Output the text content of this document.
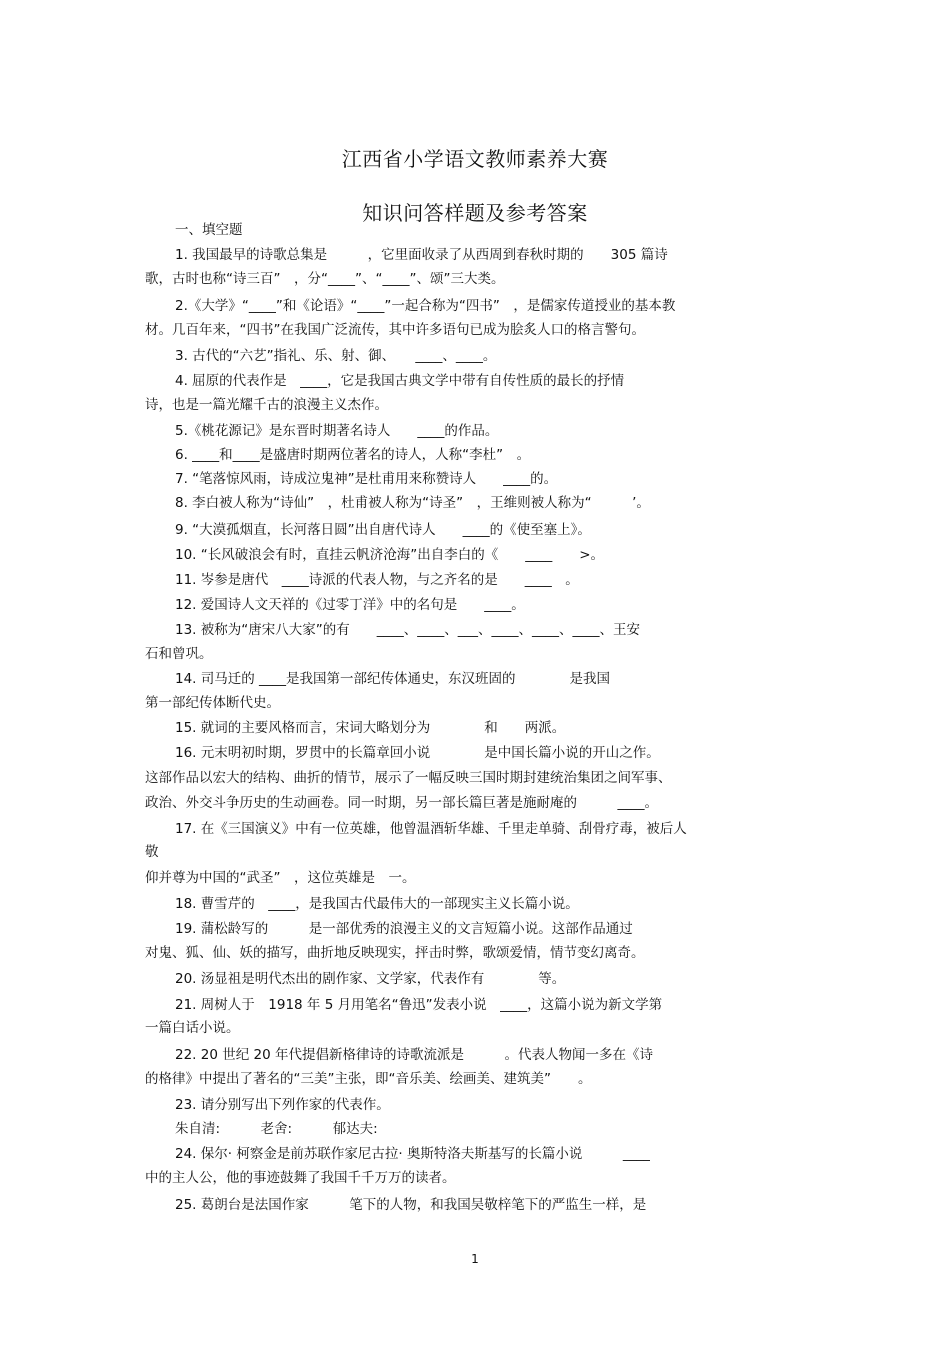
江西省小学语文教师素养大赛
知识问答样题及参考答案
一、填空题
1. 我国最早的诗歌总集是　　　，它里面收录了从西周到春秋时期的　　305 篇诗
歌，古时也称“诗三百”　，分“____”、“____”、颂”三大类。
2.《大学》“____”和《论语》“____”一起合称为“四书”　，是儒家传道授业的基本教
材。几百年来，“四书”在我国广泛流传，其中许多语句已成为脍炙人口的格言警句。
3. 古代的“六艺”指礼、乐、射、御、　　____、____。
4. 屈原的代表作是　____，它是我国古典文学中带有自传性质的最长的抒情
诗，也是一篇光耀千古的浪漫主义杰作。
5.《桃花源记》是东晋时期著名诗人　　____的作品。
6. ____和____是盛唐时期两位著名的诗人，人称“李杜”　。
7. “笔落惊风雨，诗成泣鬼神”是杜甫用来称赞诗人　　____的。
8. 李白被人称为“诗仙”　，杜甫被人称为“诗圣”　，王维则被人称为“　　　’。
9. “大漠孤烟直，长河落日圆”出自唐代诗人　　____的《使至塞上》。
10. “长风破浪会有时，直挂云帆济沧海”出自李白的《　　____　　>。
11. 岑参是唐代　____诗派的代表人物，与之齐名的是　　____　。
12. 爱国诗人文天祥的《过零丁洋》中的名句是　　____。
13. 被称为“唐宋八大家”的有　　____、____、___、____、____、____、王安
石和曾巩。
14. 司马迁的 ____是我国第一部纪传体通史，东汉班固的　　　　是我国
第一部纪传体断代史。
15. 就词的主要风格而言，宋词大略划分为　　　　和　　两派。
16. 元末明初时期，罗贯中的长篇章回小说　　　　是中国长篇小说的开山之作。
这部作品以宏大的结构、曲折的情节，展示了一幅反映三国时期封建统治集团之间军事、
政治、外交斗争历史的生动画卷。同一时期，另一部长篇巨著是施耐庵的　　　____。
17. 在《三国演义》中有一位英雄，他曾温酒斩华雄、千里走单骑、刮骨疗毒，被后人
敬
仰并尊为中国的“武圣”　，这位英雄是　一。
18. 曹雪芹的　____，是我国古代最伟大的一部现实主义长篇小说。
19. 蒲松龄写的　　　是一部优秀的浪漫主义的文言短篇小说。这部作品通过
对鬼、狐、仙、妖的描写，曲折地反映现实，抨击时弊，歌颂爱情，情节变幻离奇。
20. 汤显祖是明代杰出的剧作家、文学家，代表作有　　　　等。
21. 周树人于　1918 年 5 月用笔名“鲁迅”发表小说　____，这篇小说为新文学第
一篇白话小说。
22. 20 世纪 20 年代提倡新格律诗的诗歌流派是　　　。代表人物闻一多在《诗
的格律》中提出了著名的“三美”主张，即“音乐美、绘画美、建筑美”　　。
23. 请分别写出下列作家的代表作。
朱自清:　　　老舍:　　　郁达夫:
24. 保尔· 柯察金是前苏联作家尼古拉· 奥斯特洛夫斯基写的长篇小说　　　____
中的主人公，他的事迹鼓舞了我国千千万万的读者。
25. 葛朗台是法国作家　　　笔下的人物，和我国吴敬梓笔下的严监生一样，是
1
